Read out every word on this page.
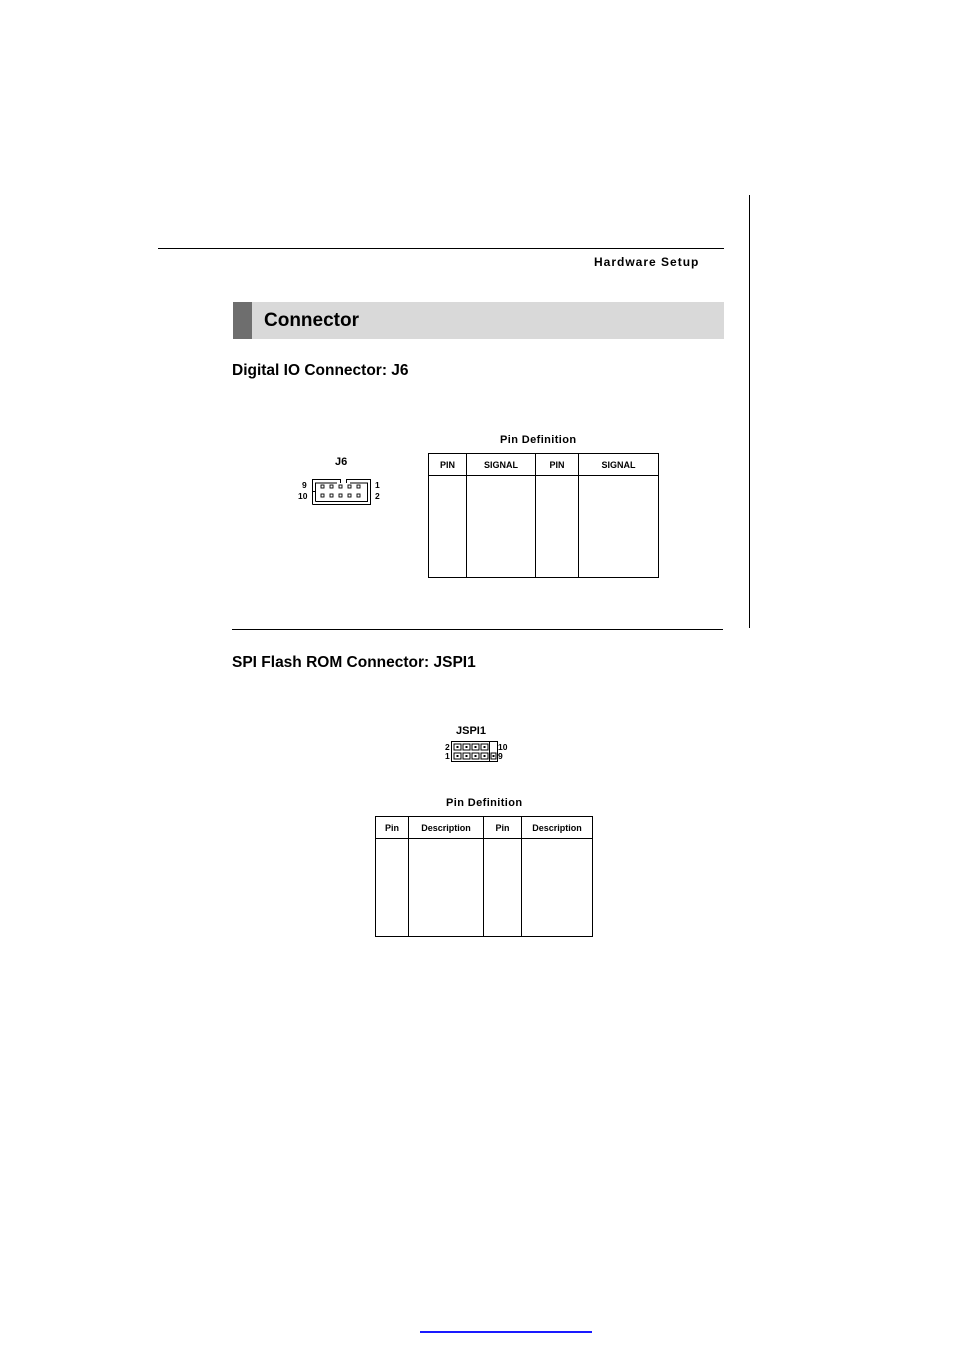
Hardware Setup
Connector
Digital IO Connector: J6
J6
9
10
1
2
Pin Definition
PIN	SIGNAL	PIN	SIGNAL

SPI Flash ROM Connector: JSPI1
JSPI1
2
1
10
9
Pin Definition
Pin	Description	Pin	Description
